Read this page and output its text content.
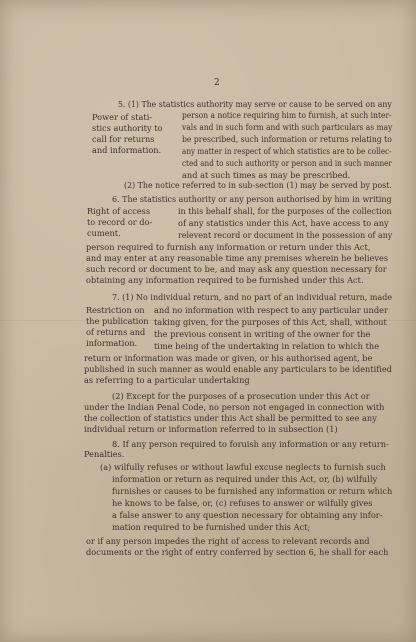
2
5. (1) The statistics authority may serve or cause to be served on any
Power of stati-
stics authority to
call for returns
and information.
person a notice requiring him to furnish, at such inter-
vals and in such form and with such particulars as may
be prescribed, such information or returns relating to
any matter in respect of which statistics are to be collec-
cted and to such authority or person and in such manner
and at such times as may be prescribed.
(2) The notice referred to in sub-section (1) may be served by post.
6. The statistics authority or any person authorised by him in writing
Right of access
to record or do-
cument.
in this behalf shall, for the purposes of the collection
of any statistics under this Act, have access to any
relevent record or document in the possession of any
person required to furnish any information or return under this Act,
and may enter at any reasonable time any premises wherein he believes
such record or document to be, and may ask any question necessary for
obtaining any information required to be furnished under this Act.
7. (1) No individual return, and no part of an individual return, made
Restriction on
the publication
of returns and
information.
and no information with respect to any particular under
taking given, for the purposes of this Act, shall, without
the previous consent in writing of the owner for the
time being of the undertaking in relation to which the
return or information was made or given, or his authorised agent, be
published in such manner as would enable any particulars to be identified
as referring to a particular undertaking
(2) Except for the purposes of a prosecution under this Act or
under the Indian Penal Code, no person not engaged in connection with
the collection of statistics under this Act shall be permitted to see any
individual return or information referred to in subsection (1)
8. If any person required to foruish any information or any return-
Penalties.
(a) wilfully refuses or without lawful excuse neglects to furnish such
information or return as required under this Act, or, (b) wilfully
furnishes or causes to be furnished any information or return which
he knows to be false, or, (c) refuses to answer or wilfully gives
a false answer to any question necessary for obtaining any infor-
mation required to be furnished under this Act;
or if any person impedes the right of access to relevant records and
documents or the right of entry conferred by section 6, he shall for each
